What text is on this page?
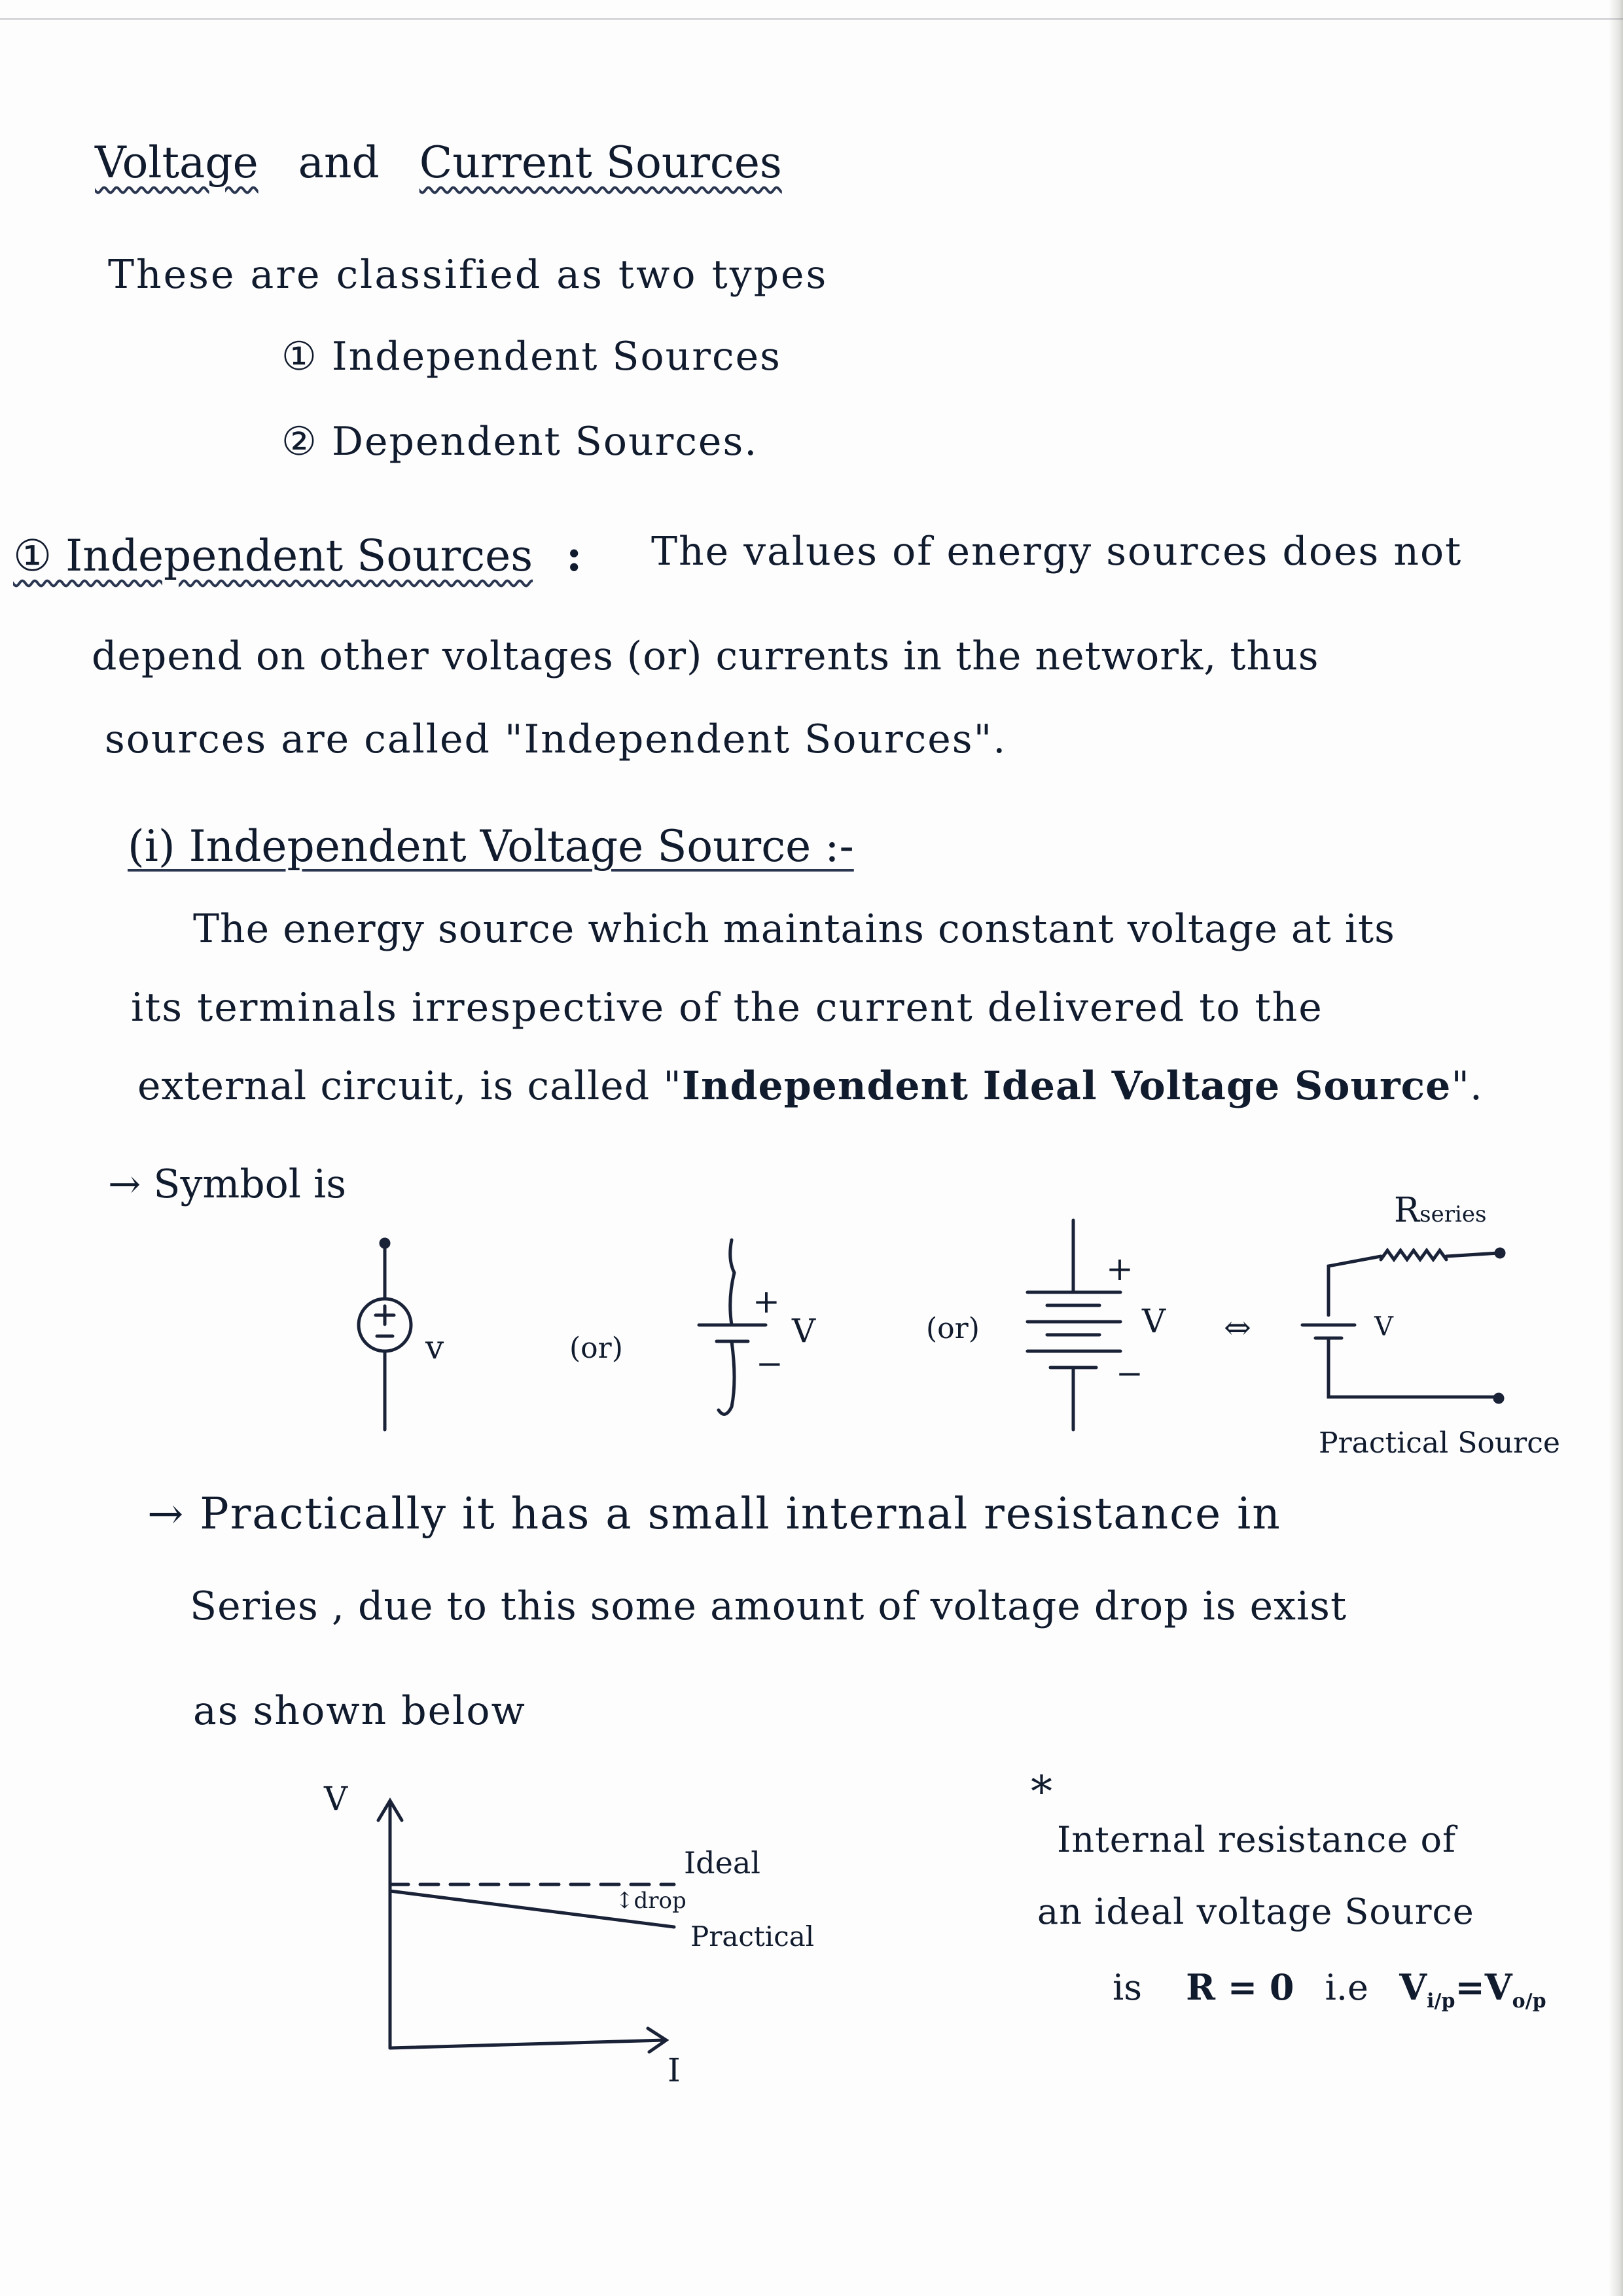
Voltage and Current Sources
These are classified as two types
① Independent Sources
② Dependent Sources.
① Independent Sources : The values of energy sources does not
depend on other voltages (or) currents in the network, thus
sources are called "Independent Sources".
(i) Independent Voltage Source :-
The energy source which maintains constant voltage at its
its terminals irrespective of the current delivered to the
external circuit, is called "Independent Ideal Voltage Source".
→ Symbol is
v	(or)
+
V
−
(or)
+
V
−
⇔	V
Rseries
Practical Source
→ Practically it has a small internal resistance in
Series , due to this some amount of voltage drop is exist
as shown below
V
I
Ideal
↕drop
Practical
*
Internal resistance of
an ideal voltage Source
is R = 0 i.e $V_{i/p}=V_{o/p}$
